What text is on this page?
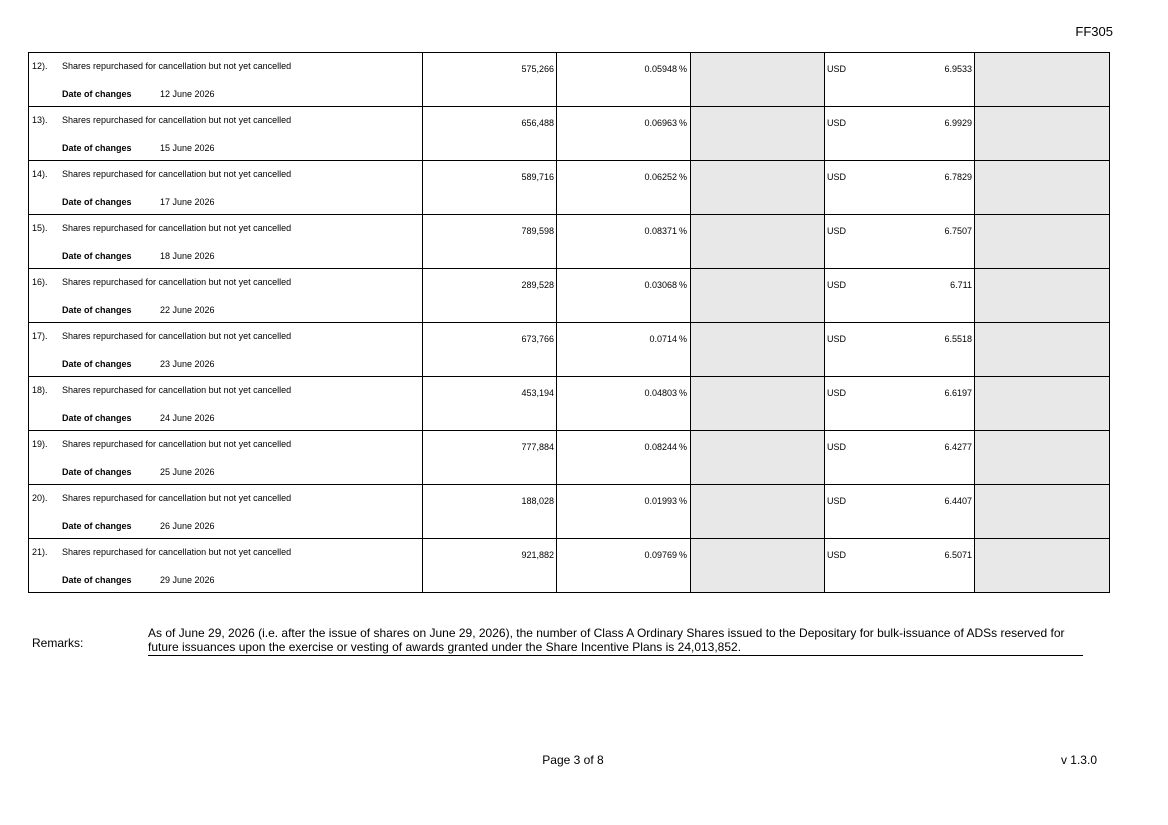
FF305
12). Shares repurchased for cancellation but not yet cancelled
Date of changes 12 June 2026	575,266	0.05948 %		USD 6.9533	

13). Shares repurchased for cancellation but not yet cancelled
Date of changes 15 June 2026	656,488	0.06963 %		USD 6.9929	

14). Shares repurchased for cancellation but not yet cancelled
Date of changes 17 June 2026	589,716	0.06252 %		USD 6.7829	

15). Shares repurchased for cancellation but not yet cancelled
Date of changes 18 June 2026	789,598	0.08371 %		USD 6.7507	

16). Shares repurchased for cancellation but not yet cancelled
Date of changes 22 June 2026	289,528	0.03068 %		USD 6.711	

17). Shares repurchased for cancellation but not yet cancelled
Date of changes 23 June 2026	673,766	0.0714 %		USD 6.5518	

18). Shares repurchased for cancellation but not yet cancelled
Date of changes 24 June 2026	453,194	0.04803 %		USD 6.6197	

19). Shares repurchased for cancellation but not yet cancelled
Date of changes 25 June 2026	777,884	0.08244 %		USD 6.4277	

20). Shares repurchased for cancellation but not yet cancelled
Date of changes 26 June 2026	188,028	0.01993 %		USD 6.4407	

21). Shares repurchased for cancellation but not yet cancelled
Date of changes 29 June 2026	921,882	0.09769 %		USD 6.5071	

Remarks:
As of June 29, 2026 (i.e. after the issue of shares on June 29, 2026), the number of Class A Ordinary Shares issued to the Depositary for bulk-issuance of ADSs reserved for future issuances upon the exercise or vesting of awards granted under the Share Incentive Plans is 24,013,852.
Page 3 of 8	v 1.3.0
